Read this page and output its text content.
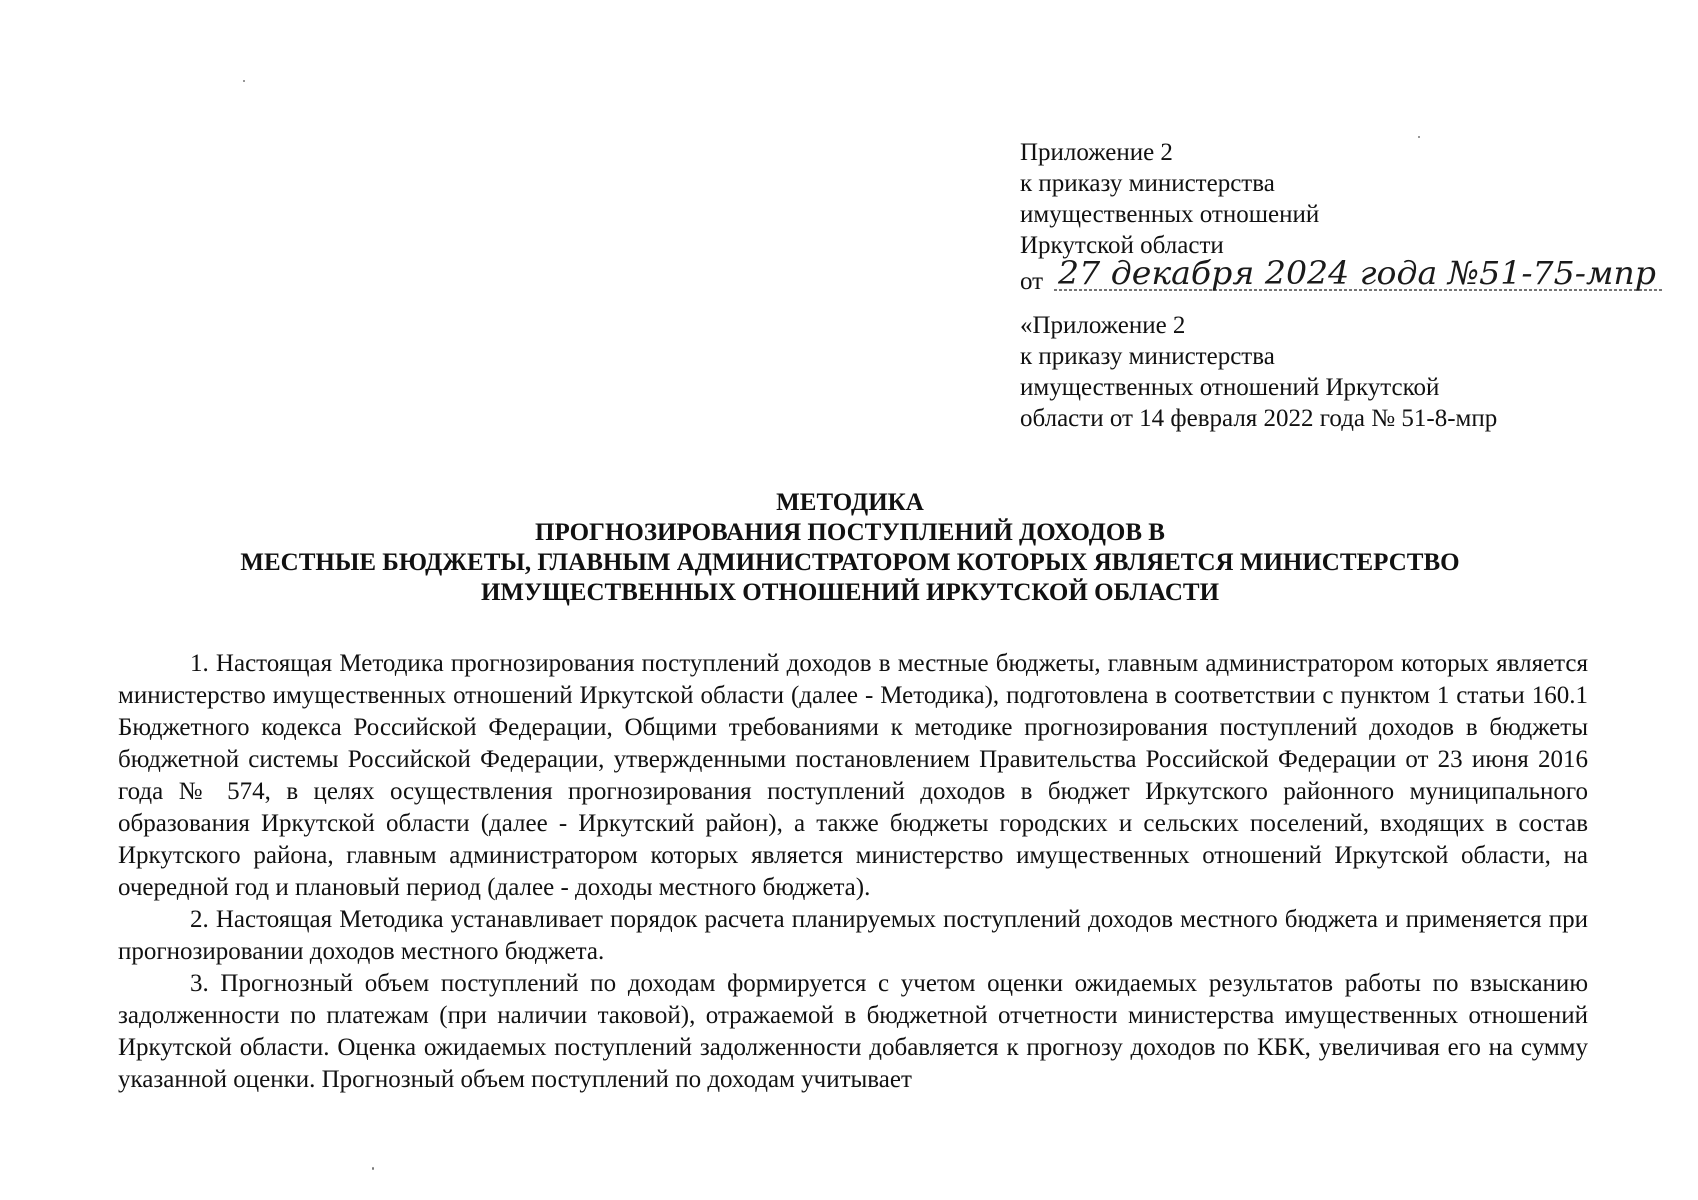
Приложение 2
к приказу министерства
имущественных отношений
Иркутской области
от 27 декабря 2024 года №51-75-мпр
«Приложение 2
к приказу министерства
имущественных отношений Иркутской
области от 14 февраля 2022 года № 51-8-мпр
МЕТОДИКА
ПРОГНОЗИРОВАНИЯ ПОСТУПЛЕНИЙ ДОХОДОВ В
МЕСТНЫЕ БЮДЖЕТЫ, ГЛАВНЫМ АДМИНИСТРАТОРОМ КОТОРЫХ ЯВЛЯЕТСЯ МИНИСТЕРСТВО
ИМУЩЕСТВЕННЫХ ОТНОШЕНИЙ ИРКУТСКОЙ ОБЛАСТИ

1. Настоящая Методика прогнозирования поступлений доходов в местные бюджеты, главным администратором которых является министерство имущественных отношений Иркутской области (далее - Методика), подготовлена в соответствии с пунктом 1 статьи 160.1 Бюджетного кодекса Российской Федерации, Общими требованиями к методике прогнозирования поступлений доходов в бюджеты бюджетной системы Российской Федерации, утвержденными постановлением Правительства Российской Федерации от 23 июня 2016 года № 574, в целях осуществления прогнозирования поступлений доходов в бюджет Иркутского районного муниципального образования Иркутской области (далее - Иркутский район), а также бюджеты городских и сельских поселений, входящих в состав Иркутского района, главным администратором которых является министерство имущественных отношений Иркутской области, на очередной год и плановый период (далее - доходы местного бюджета).

2. Настоящая Методика устанавливает порядок расчета планируемых поступлений доходов местного бюджета и применяется при прогнозировании доходов местного бюджета.

3. Прогнозный объем поступлений по доходам формируется с учетом оценки ожидаемых результатов работы по взысканию задолженности по платежам (при наличии таковой), отражаемой в бюджетной отчетности министерства имущественных отношений Иркутской области. Оценка ожидаемых поступлений задолженности добавляется к прогнозу доходов по КБК, увеличивая его на сумму указанной оценки. Прогнозный объем поступлений по доходам учитывает
